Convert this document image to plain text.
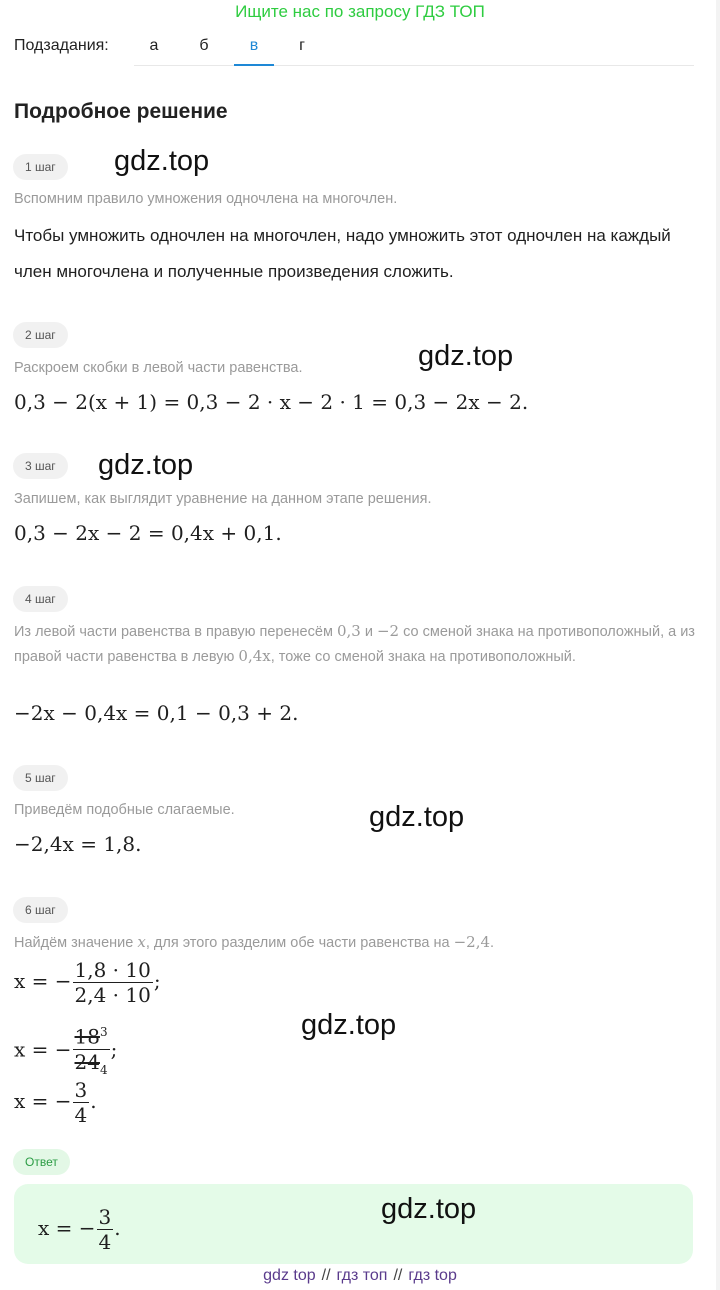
Ищите нас по запросу ГДЗ ТОП
Подзадания:	а	б	в	г
Подробное решение
1 шаг	gdz.top
Вспомним правило умножения одночлена на многочлен.
Чтобы умножить одночлен на многочлен, надо умножить этот одночлен на каждый член многочлена и полученные произведения сложить.
2 шаг
gdz.top
Раскроем скобки в левой части равенства.
0,3 − 2(x + 1) = 0,3 − 2 · x − 2 · 1 = 0,3 − 2x − 2.
3 шаг	gdz.top
Запишем, как выглядит уравнение на данном этапе решения.
0,3 − 2x − 2 = 0,4x + 0,1.
4 шаг
Из левой части равенства в правую перенесём 0,3 и −2 со сменой знака на противоположный, а из правой части равенства в левую 0,4x, тоже со сменой знака на противоположный.
−2x − 0,4x = 0,1 − 0,3 + 2.
5 шаг
Приведём подобные слагаемые.	gdz.top
−2,4x = 1,8.
6 шаг
Найдём значение x, для этого разделим обе части равенства на −2,4.
x = − $\frac{1,8 \cdot 10}{2,4 \cdot 10}$ ;
gdz.top
x = − $\frac{18^3}{24_4}$ ;
x = − $\frac{3}{4}$ .
Ответ
x = − $\frac{3}{4}$ .
gdz.top
gdz top // гдз топ // гдз top
